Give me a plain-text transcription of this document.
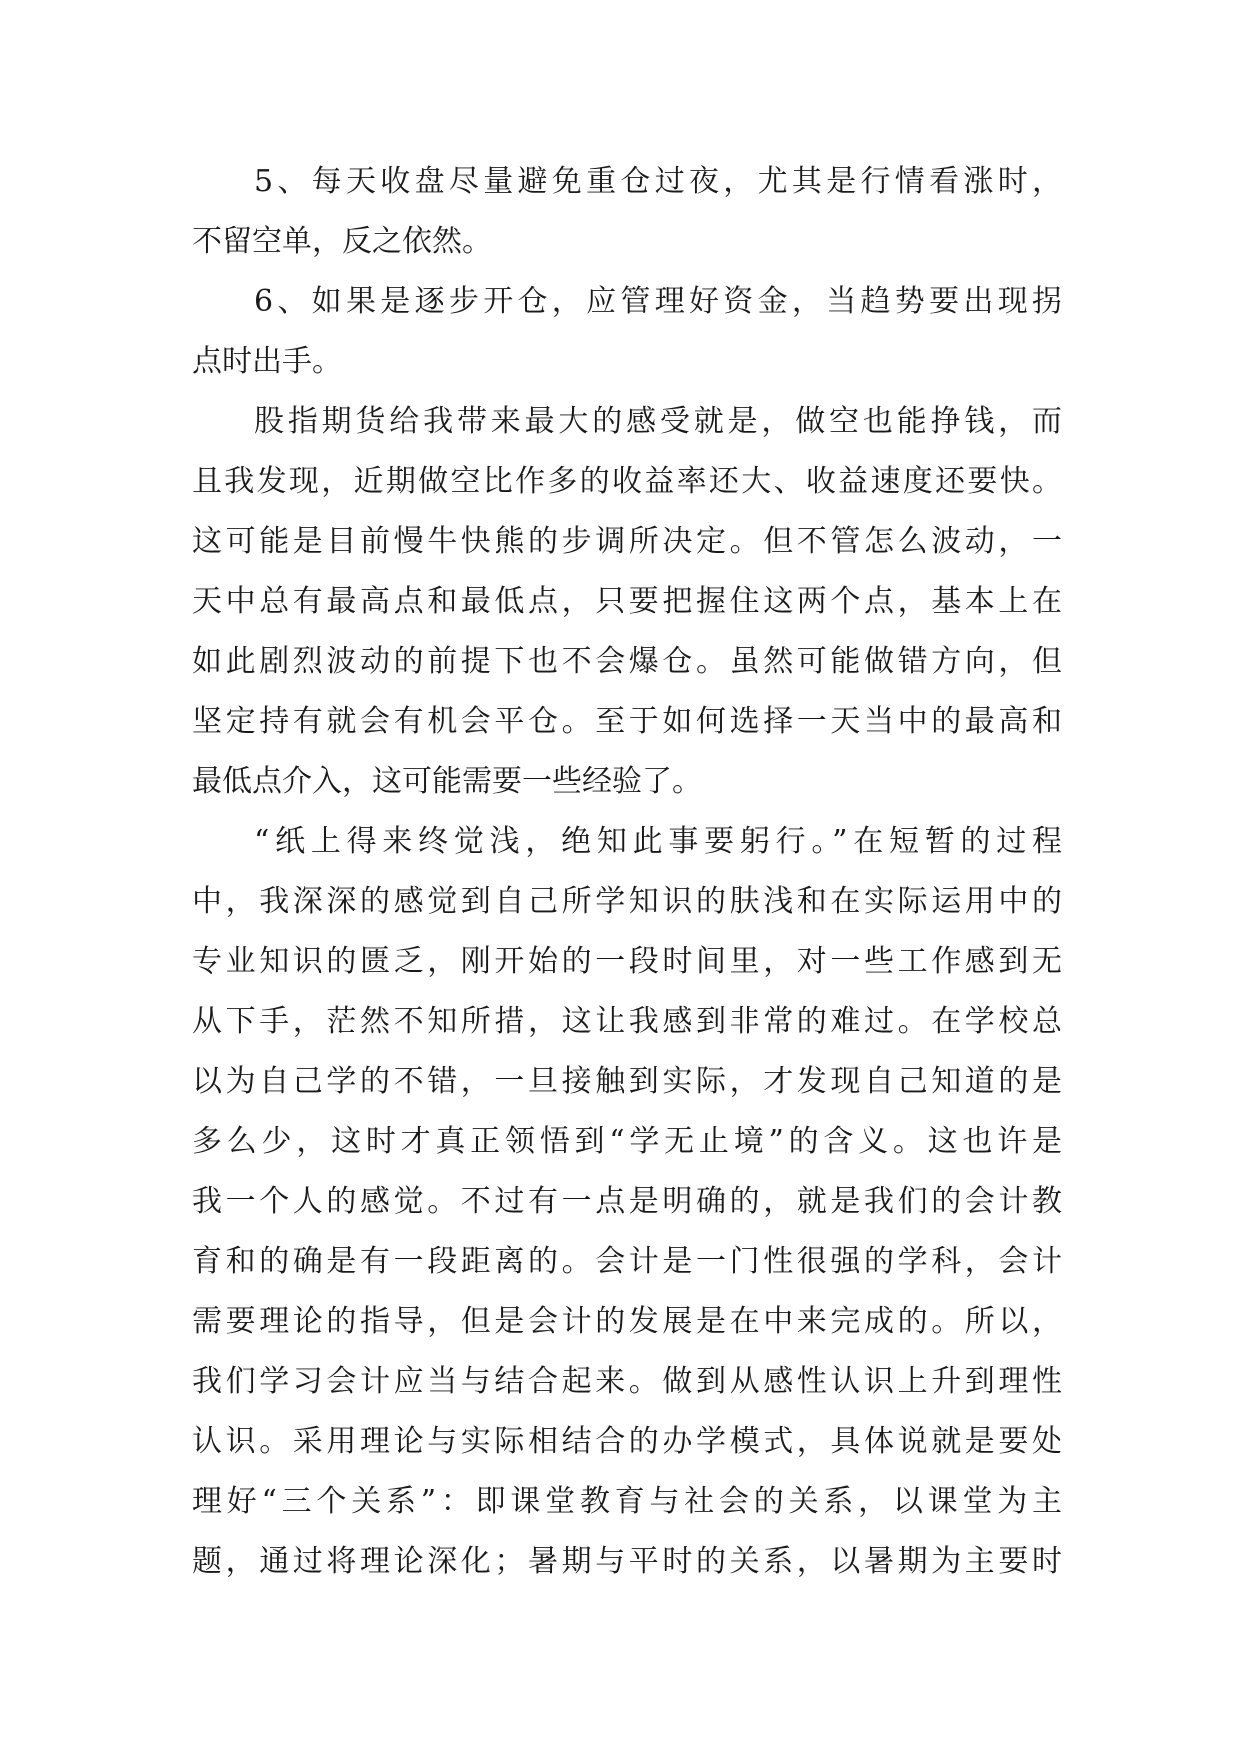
5、每天收盘尽量避免重仓过夜，尤其是行情看涨时，
不留空单，反之依然。

6、如果是逐步开仓，应管理好资金，当趋势要出现拐
点时出手。

股指期货给我带来最大的感受就是，做空也能挣钱，而
且我发现，近期做空比作多的收益率还大、收益速度还要快。
这可能是目前慢牛快熊的步调所决定。但不管怎么波动，一
天中总有最高点和最低点，只要把握住这两个点，基本上在
如此剧烈波动的前提下也不会爆仓。虽然可能做错方向，但
坚定持有就会有机会平仓。至于如何选择一天当中的最高和
最低点介入，这可能需要一些经验了。

“纸上得来终觉浅，绝知此事要躬行。”在短暂的过程
中，我深深的感觉到自己所学知识的肤浅和在实际运用中的
专业知识的匮乏，刚开始的一段时间里，对一些工作感到无
从下手，茫然不知所措，这让我感到非常的难过。在学校总
以为自己学的不错，一旦接触到实际，才发现自己知道的是
多么少，这时才真正领悟到“学无止境”的含义。这也许是
我一个人的感觉。不过有一点是明确的，就是我们的会计教
育和的确是有一段距离的。会计是一门性很强的学科，会计
需要理论的指导，但是会计的发展是在中来完成的。所以，
我们学习会计应当与结合起来。做到从感性认识上升到理性
认识。采用理论与实际相结合的办学模式，具体说就是要处
理好“三个关系”：即课堂教育与社会的关系，以课堂为主
题，通过将理论深化；暑期与平时的关系，以暑期为主要时
